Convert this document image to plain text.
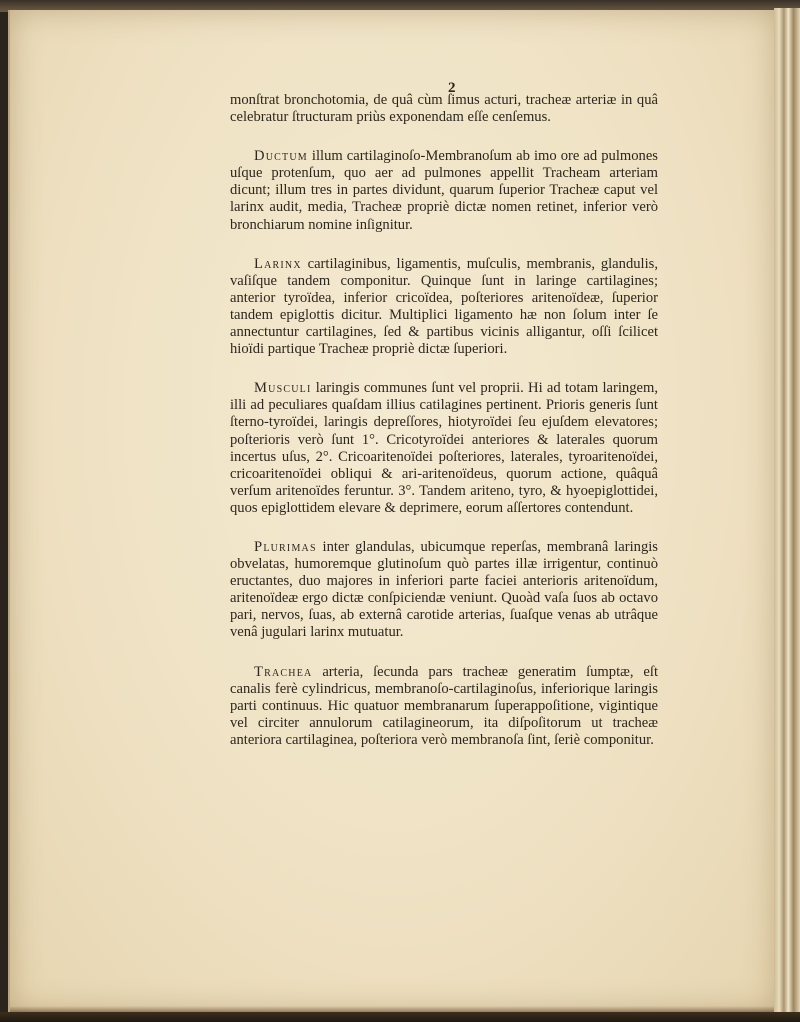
2

monſtrat bronchotomia, de quâ cùm ſimus acturi, tracheæ arteriæ in quâ celebratur ſtructuram priùs exponendam eſſe cenſemus.

Ductum illum cartilaginoſo-Membranoſum ab imo ore ad pulmones uſque protenſum, quo aer ad pulmones appellit Tracheam arteriam dicunt; illum tres in partes dividunt, quarum ſuperior Tracheæ caput vel larinx audit, media, Tracheæ propriè dictæ nomen retinet, inferior verò bronchiarum nomine inſignitur.

Larinx cartilaginibus, ligamentis, muſculis, membranis, glandulis, vaſiſque tandem componitur. Quinque ſunt in laringe cartilagines; anterior tyroïdea, inferior cricoïdea, poſteriores aritenoïdeæ, ſuperior tandem epiglottis dicitur. Multiplici ligamento hæ non ſolum inter ſe annectuntur cartilagines, ſed & partibus vicinis alligantur, oſſi ſcilicet hioïdi partique Tracheæ propriè dictæ ſuperiori.

Musculi laringis communes ſunt vel proprii. Hi ad totam laringem, illi ad peculiares quaſdam illius catilagines pertinent. Prioris generis ſunt ſterno-tyroïdei, laringis depreſſores, hiotyroïdei ſeu ejuſdem elevatores; poſterioris verò ſunt 1°. Cricotyroïdei anteriores & laterales quorum incertus uſus, 2°. Cricoaritenoïdei poſteriores, laterales, tyroaritenoïdei, cricoaritenoïdei obliqui & ari-aritenoïdeus, quorum actione, quâquâ verſum aritenoïdes feruntur. 3°. Tandem ariteno, tyro, & hyoepiglottidei, quos epiglottidem elevare & deprimere, eorum aſſertores contendunt.

Plurimas inter glandulas, ubicumque reperſas, membranâ laringis obvelatas, humoremque glutinoſum quò partes illæ irrigentur, continuò eructantes, duo majores in inferiori parte faciei anterioris aritenoïdum, aritenoïdeæ ergo dictæ conſpiciendæ veniunt. Quoàd vaſa ſuos ab octavo pari, nervos, ſuas, ab externâ carotide arterias, ſuaſque venas ab utrâque venâ jugulari larinx mutuatur.

Trachea arteria, ſecunda pars tracheæ generatim ſumptæ, eſt canalis ferè cylindricus, membranoſo-cartilaginoſus, inferiorique laringis parti continuus. Hic quatuor membranarum ſuperappoſitione, vigintique vel circiter annulorum catilagineorum, ita diſpoſitorum ut tracheæ anteriora cartilaginea, poſteriora verò membranoſa ſint, ſeriè componitur.
